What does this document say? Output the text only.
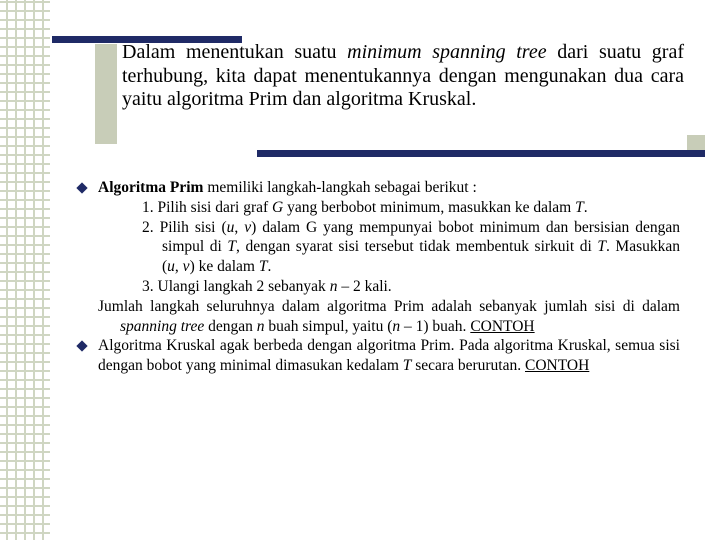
Dalam menentukan suatu minimum spanning tree dari suatu graf terhubung, kita dapat menentukannya dengan mengunakan dua cara yaitu algoritma Prim dan algoritma Kruskal.
Algoritma Prim memiliki langkah-langkah sebagai berikut :
1. Pilih sisi dari graf G yang berbobot minimum, masukkan ke dalam T.
2. Pilih sisi (u, v) dalam G yang mempunyai bobot minimum dan bersisian dengan simpul di T, dengan syarat sisi tersebut tidak membentuk sirkuit di T. Masukkan (u, v) ke dalam T.
3. Ulangi langkah 2 sebanyak n – 2 kali.
Jumlah langkah seluruhnya dalam algoritma Prim adalah sebanyak jumlah sisi di dalam spanning tree dengan n buah simpul, yaitu (n – 1) buah. CONTOH
Algoritma Kruskal agak berbeda dengan algoritma Prim. Pada algoritma Kruskal, semua sisi dengan bobot yang minimal dimasukan kedalam T secara berurutan. CONTOH
